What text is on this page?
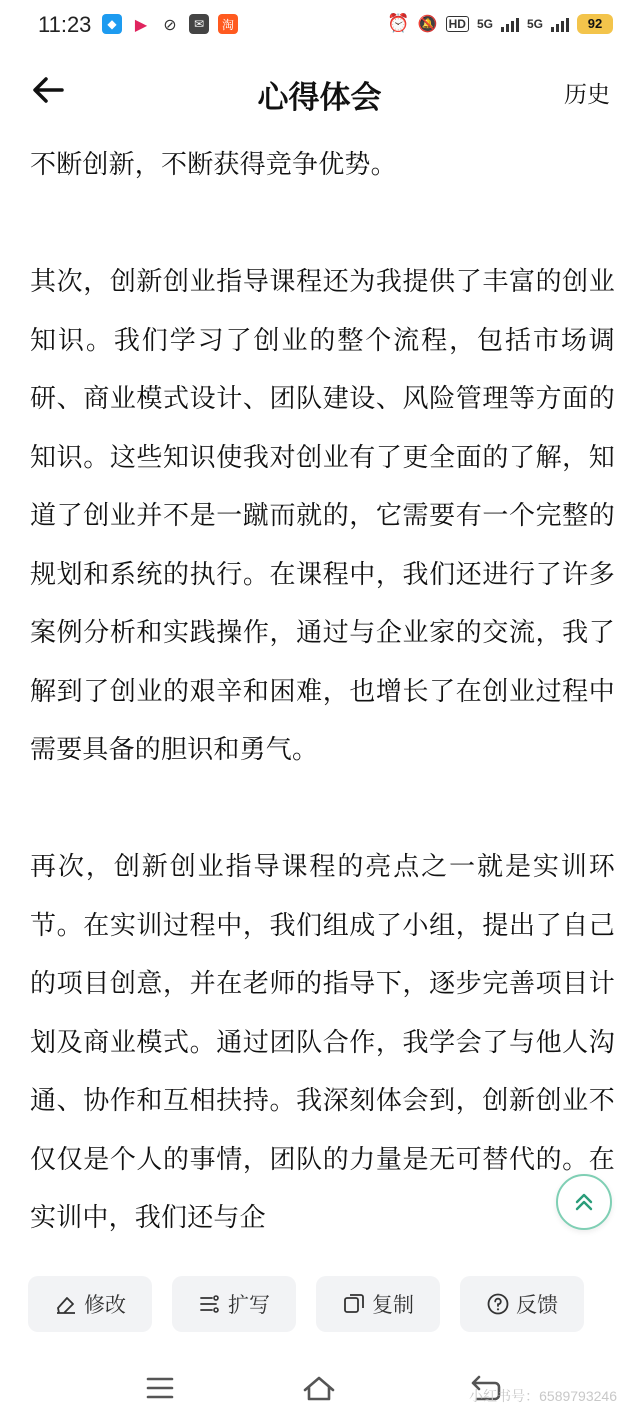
11:23	◆	▶ ⊘	✉	淘	⏰ 🔕 HD 5G	5G	92
心得体会	历史

不断创新，不断获得竞争优势。

其次，创新创业指导课程还为我提供了丰富的创业知识。我们学习了创业的整个流程，包括市场调研、商业模式设计、团队建设、风险管理等方面的知识。这些知识使我对创业有了更全面的了解，知道了创业并不是一蹴而就的，它需要有一个完整的规划和系统的执行。在课程中，我们还进行了许多案例分析和实践操作，通过与企业家的交流，我了解到了创业的艰辛和困难，也增长了在创业过程中需要具备的胆识和勇气。

再次，创新创业指导课程的亮点之一就是实训环节。在实训过程中，我们组成了小组，提出了自己的项目创意，并在老师的指导下，逐步完善项目计划及商业模式。通过团队合作，我学会了与他人沟通、协作和互相扶持。我深刻体会到，创新创业不仅仅是个人的事情，团队的力量是无可替代的。在实训中，我们还与企

修改	扩写	复制	反馈
小红书号：6589793246
